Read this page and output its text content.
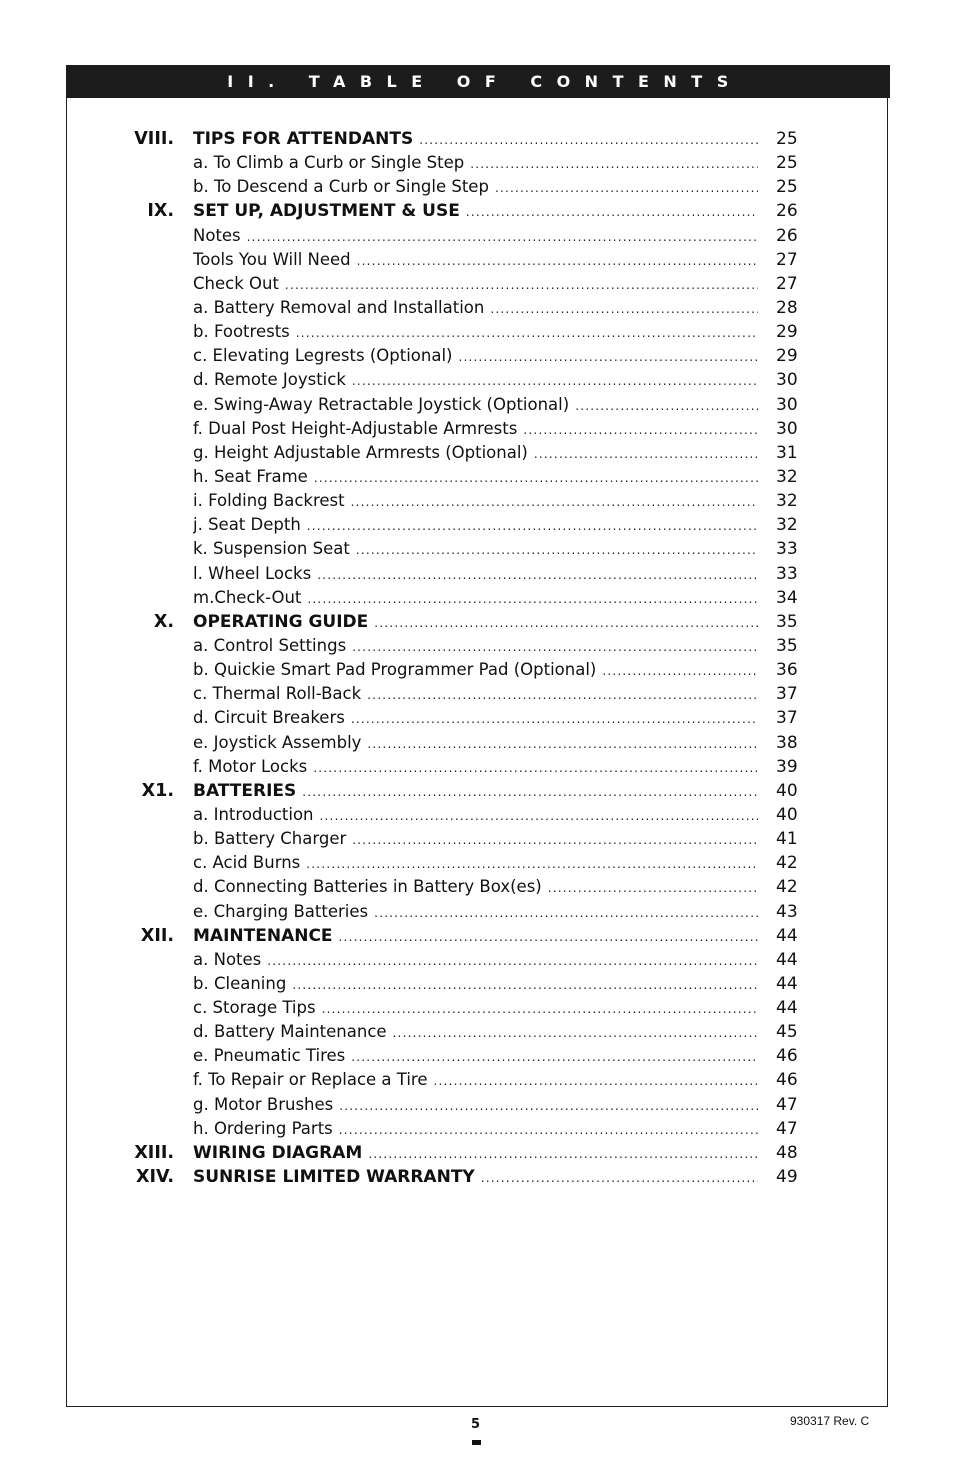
II. TABLE OF CONTENTS
VIII. TIPS FOR ATTENDANTS .....	25
a. To Climb a Curb or Single Step .....	25
b. To Descend a Curb or Single Step .....	25
IX. SET UP, ADJUSTMENT & USE .....	26
Notes .....	26
Tools You Will Need .....	27
Check Out .....	27
a. Battery Removal and Installation .....	28
b. Footrests .....	29
c. Elevating Legrests (Optional) .....	29
d. Remote Joystick .....	30
e. Swing-Away Retractable Joystick (Optional) .....	30
f. Dual Post Height-Adjustable Armrests .....	30
g. Height Adjustable Armrests (Optional) .....	31
h. Seat Frame .....	32
i. Folding Backrest .....	32
j. Seat Depth .....	32
k. Suspension Seat .....	33
l. Wheel Locks .....	33
m.Check-Out .....	34
X. OPERATING GUIDE .....	35
a. Control Settings .....	35
b. Quickie Smart Pad Programmer Pad (Optional) .....	36
c. Thermal Roll-Back .....	37
d. Circuit Breakers .....	37
e. Joystick Assembly .....	38
f. Motor Locks .....	39
X1. BATTERIES .....	40
a. Introduction .....	40
b. Battery Charger .....	41
c. Acid Burns .....	42
d. Connecting Batteries in Battery Box(es) .....	42
e. Charging Batteries .....	43
XII. MAINTENANCE .....	44
a. Notes .....	44
b. Cleaning .....	44
c. Storage Tips .....	44
d. Battery Maintenance .....	45
e. Pneumatic Tires .....	46
f. To Repair or Replace a Tire .....	46
g. Motor Brushes .....	47
h. Ordering Parts .....	47
XIII. WIRING DIAGRAM .....	48
XIV. SUNRISE LIMITED WARRANTY .....	49
5	930317 Rev. C
